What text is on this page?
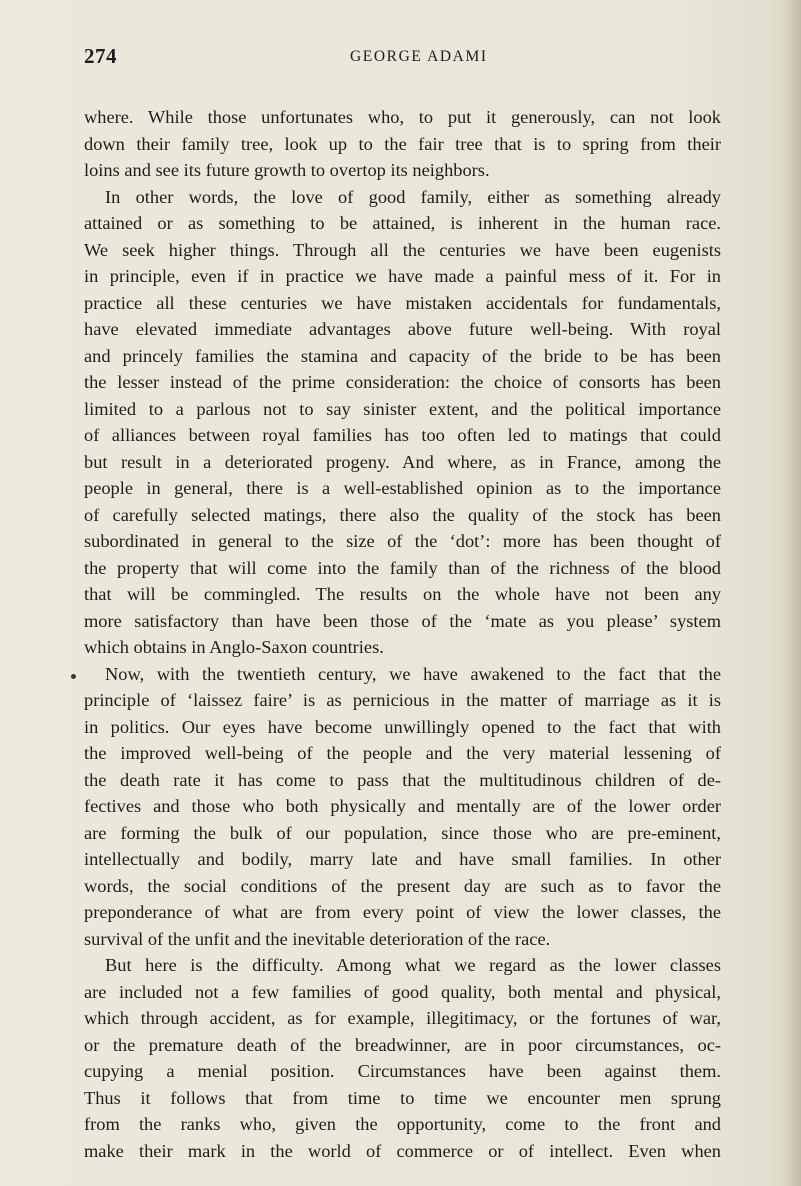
274	GEORGE ADAMI
where. While those unfortunates who, to put it generously, can not look
down their family tree, look up to the fair tree that is to spring from their
loins and see its future growth to overtop its neighbors.
In other words, the love of good family, either as something already
attained or as something to be attained, is inherent in the human race.
We seek higher things. Through all the centuries we have been eugenists
in principle, even if in practice we have made a painful mess of it. For in
practice all these centuries we have mistaken accidentals for fundamentals,
have elevated immediate advantages above future well-being. With royal
and princely families the stamina and capacity of the bride to be has been
the lesser instead of the prime consideration: the choice of consorts has been
limited to a parlous not to say sinister extent, and the political importance
of alliances between royal families has too often led to matings that could
but result in a deteriorated progeny. And where, as in France, among the
people in general, there is a well-established opinion as to the importance
of carefully selected matings, there also the quality of the stock has been
subordinated in general to the size of the ‘dot’: more has been thought of
the property that will come into the family than of the richness of the blood
that will be commingled. The results on the whole have not been any
more satisfactory than have been those of the ‘mate as you please’ system
which obtains in Anglo-Saxon countries.
Now, with the twentieth century, we have awakened to the fact that the
principle of ‘laissez faire’ is as pernicious in the matter of marriage as it is
in politics. Our eyes have become unwillingly opened to the fact that with
the improved well-being of the people and the very material lessening of
the death rate it has come to pass that the multitudinous children of de-
fectives and those who both physically and mentally are of the lower order
are forming the bulk of our population, since those who are pre-eminent,
intellectually and bodily, marry late and have small families. In other
words, the social conditions of the present day are such as to favor the
preponderance of what are from every point of view the lower classes, the
survival of the unfit and the inevitable deterioration of the race.
But here is the difficulty. Among what we regard as the lower classes
are included not a few families of good quality, both mental and physical,
which through accident, as for example, illegitimacy, or the fortunes of war,
or the premature death of the breadwinner, are in poor circumstances, oc-
cupying a menial position. Circumstances have been against them.
Thus it follows that from time to time we encounter men sprung
from the ranks who, given the opportunity, come to the front and
make their mark in the world of commerce or of intellect. Even when
